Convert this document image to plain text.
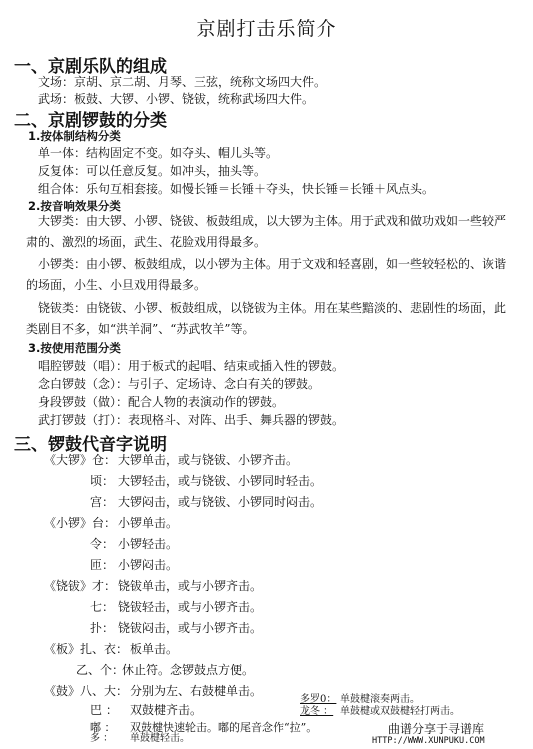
京剧打击乐简介
一、京剧乐队的组成
文场：京胡、京二胡、月琴、三弦，统称文场四大件。
武场：板鼓、大锣、小锣、铙钹，统称武场四大件。
二、京剧锣鼓的分类
1.按体制结构分类
单一体：结构固定不变。如夺头、帽儿头等。
反复体：可以任意反复。如冲头，抽头等。
组合体：乐句互相套接。如慢长锤＝长锤＋夺头，快长锤＝长锤＋风点头。
2.按音响效果分类
大锣类：由大锣、小锣、铙钹、板鼓组成，以大锣为主体。用于武戏和做功戏如一些较严肃的、激烈的场面，武生、花脸戏用得最多。
小锣类：由小锣、板鼓组成，以小锣为主体。用于文戏和轻喜剧，如一些较轻松的、诙谐的场面，小生、小旦戏用得最多。
铙钹类：由铙钹、小锣、板鼓组成，以铙钹为主体。用在某些黯淡的、悲剧性的场面，此类剧目不多，如“洪羊洞”、“苏武牧羊”等。
3.按使用范围分类
唱腔锣鼓（唱）：用于板式的起唱、结束或插入性的锣鼓。
念白锣鼓（念）：与引子、定场诗、念白有关的锣鼓。
身段锣鼓（做）：配合人物的表演动作的锣鼓。
武打锣鼓（打）：表现格斗、对阵、出手、舞兵器的锣鼓。
三、锣鼓代音字说明
《大锣》仓： 大锣单击，或与铙钹、小锣齐击。
顷： 大锣轻击，或与铙钹、小锣同时轻击。
宫： 大锣闷击，或与铙钹、小锣同时闷击。
《小锣》台： 小锣单击。
令： 小锣轻击。
匝： 小锣闷击。
《铙钹》才： 铙钹单击，或与小锣齐击。
七： 铙钹轻击，或与小锣齐击。
扑： 铙钹闷击，或与小锣齐击。
《板》扎、衣： 板单击。
乙、个：
休止符。念锣鼓点方便。
《鼓》八、大： 分别为左、右鼓楗单击。
巴 ： 双鼓楗齐击。
嘟 ： 双鼓楗快速轮击。嘟的尾音念作“拉”。
多 ： 单鼓楗轻击。
多罗0： 单鼓楗滚奏两击。
龙冬 ： 单鼓楗或双鼓楗轻打两击。
曲谱分享于寻谱库
HTTP://WWW.XUNPUKU.COM
